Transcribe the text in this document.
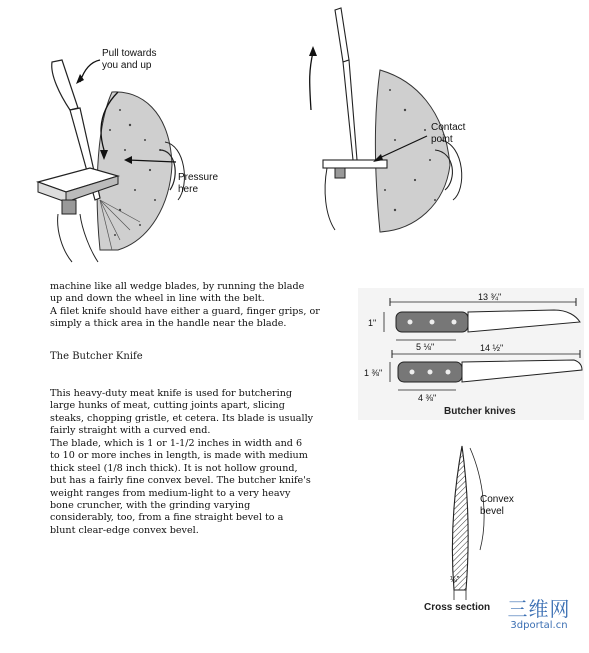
Pull towards
you and up
Pressure
here
Contact
point
machine like all wedge blades, by running the blade
up and down the wheel in line with the belt.
A filet knife should have either a guard, finger grips, or
simply a thick area in the handle near the blade.
The Butcher Knife
This heavy-duty meat knife is used for butchering
large hunks of meat, cutting joints apart, slicing
steaks, chopping gristle, et cetera. Its blade is usually
fairly straight with a curved end.
The blade, which is 1 or 1-1/2 inches in width and 6
to 10 or more inches in length, is made with medium
thick steel (1/8 inch thick). It is not hollow ground,
but has a fairly fine convex bevel. The butcher knife's
weight ranges from medium-light to a very heavy
bone cruncher, with the grinding varying
considerably, too, from a fine straight bevel to a
blunt clear-edge convex bevel.
13 ¾"
1"
5 ⅛"	14 ½"
1 ⅜"
4 ⅜"
Butcher knives
Convex
bevel
⅛"
Cross section 三维网
3dportal.cn
